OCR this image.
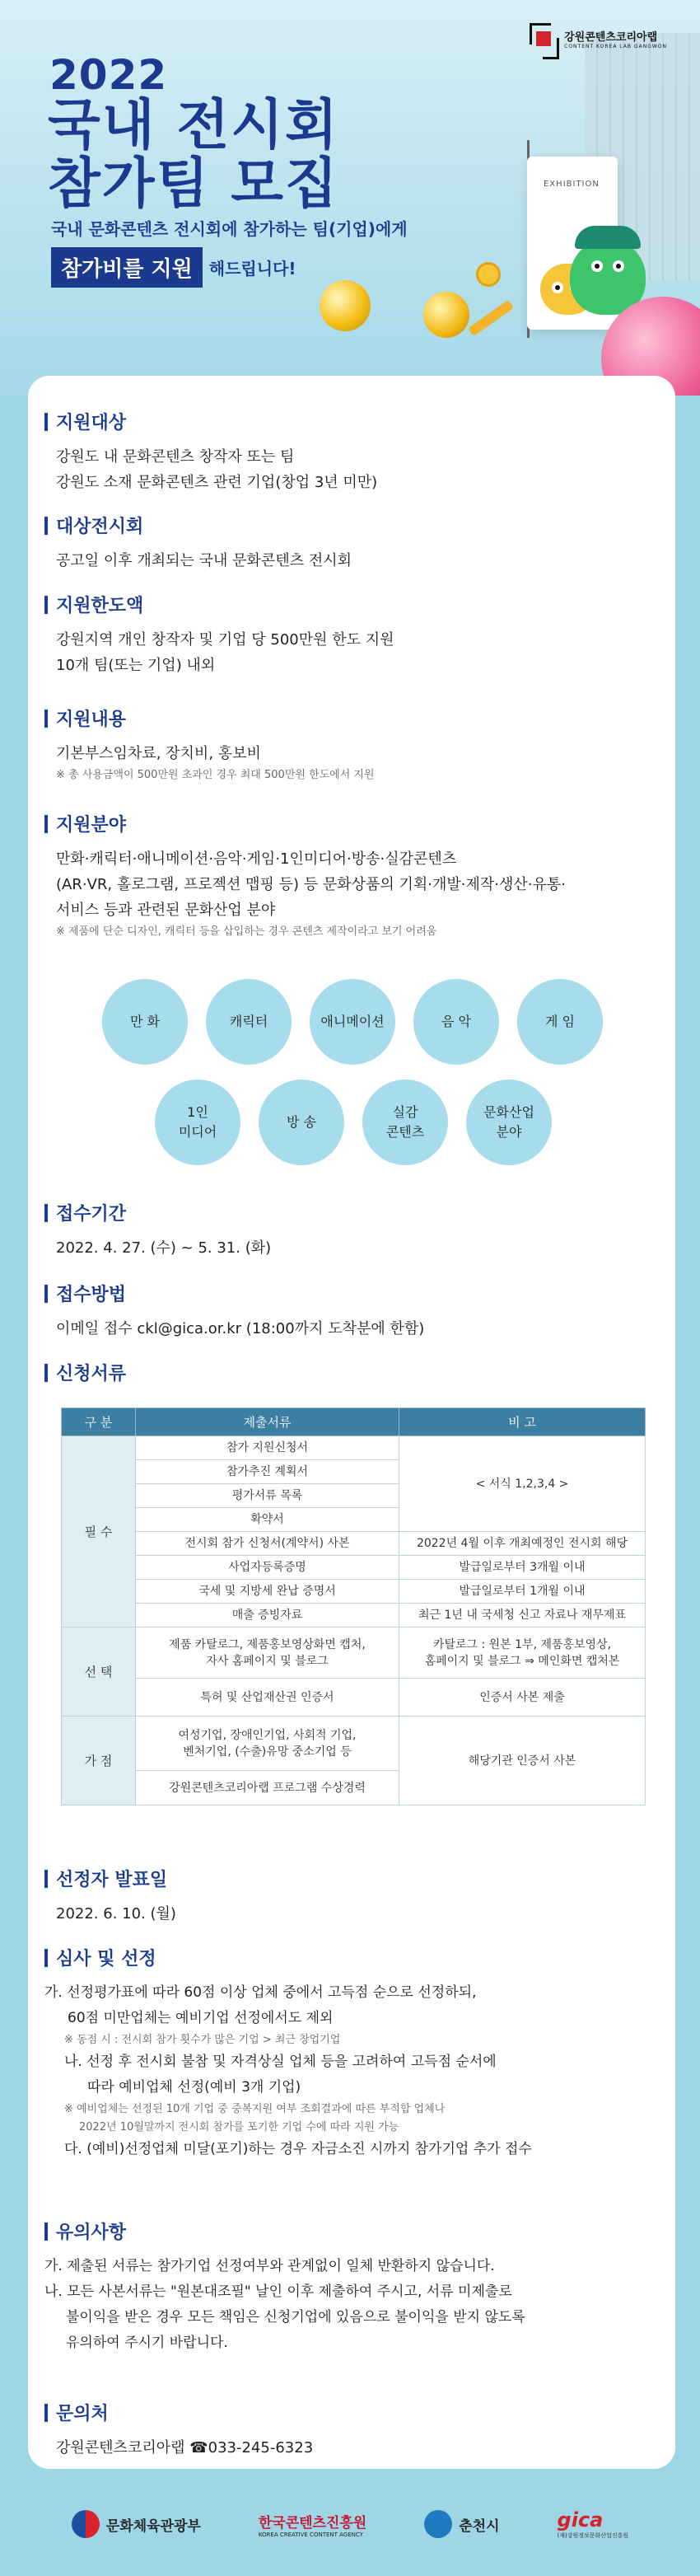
강원콘텐츠코리아랩
CONTENT KOREA LAB GANGWON
2022
국내 전시회
참가팀 모집
국내 문화콘텐츠 전시회에 참가하는 팀(기업)에게
참가비를 지원	해드립니다!
EXHIBITION
지원대상
강원도 내 문화콘텐츠 창작자 또는 팀
강원도 소재 문화콘텐츠 관련 기업(창업 3년 미만)
대상전시회
공고일 이후 개최되는 국내 문화콘텐츠 전시회
지원한도액
강원지역 개인 창작자 및 기업 당 500만원 한도 지원
10개 팀(또는 기업) 내외
지원내용
기본부스임차료, 장치비, 홍보비
※ 총 사용금액이 500만원 초과인 경우 최대 500만원 한도에서 지원
지원분야
만화·캐릭터·애니메이션·음악·게임·1인미디어·방송·실감콘텐츠
(AR·VR, 홀로그램, 프로젝션 맵핑 등) 등 문화상품의 기획·개발·제작·생산·유통·
서비스 등과 관련된 문화산업 분야
※ 제품에 단순 디자인, 캐릭터 등을 삽입하는 경우 콘텐츠 제작이라고 보기 어려움
만 화	캐릭터	애니메이션	음 악	게 임
1인
미디어
방 송
실감
콘텐츠
문화산업
분야
접수기간
2022. 4. 27. (수) ~ 5. 31. (화)
접수방법
이메일 접수 ckl@gica.or.kr (18:00까지 도착분에 한함)
신청서류
구 분	제출서류	비 고
필 수	참가 지원신청서	< 서식 1,2,3,4 >
	참가추진 계획서	
	평가서류 목록	
	확약서	
	전시회 참가 신청서(계약서) 사본	2022년 4월 이후 개최예정인 전시회 해당
	사업자등록증명	발급일로부터 3개월 이내
	국세 및 지방세 완납 증명서	발급일로부터 1개월 이내
	매출 증빙자료	최근 1년 내 국세청 신고 자료나 재무제표
선 택	제품 카탈로그, 제품홍보영상화면 캡처,
자사 홈페이지 및 블로그	카탈로그 : 원본 1부, 제품홍보영상,
홈페이지 및 블로그 ⇒ 메인화면 캡처본
	특허 및 산업재산권 인증서	인증서 사본 제출
가 점	여성기업, 장애인기업, 사회적 기업,
벤처기업, (수출)유망 중소기업 등	해당기관 인증서 사본
	강원콘텐츠코리아랩 프로그램 수상경력	
선정자 발표일
2022. 6. 10. (월)
심사 및 선정
가. 선정평가표에 따라 60점 이상 업체 중에서 고득점 순으로 선정하되,
60점 미만업체는 예비기업 선정에서도 제외
※ 동점 시 : 전시회 참가 횟수가 많은 기업 > 최근 창업기업
나. 선정 후 전시회 불참 및 자격상실 업체 등을 고려하여 고득점 순서에
따라 예비업체 선정(예비 3개 기업)
※ 예비업체는 선정된 10개 기업 중 중복지원 여부 조회결과에 따른 부적합 업체나
2022년 10월말까지 전시회 참가를 포기한 기업 수에 따라 지원 가능
다. (예비)선정업체 미달(포기)하는 경우 자금소진 시까지 참가기업 추가 접수
유의사항
가. 제출된 서류는 참가기업 선정여부와 관계없이 일체 반환하지 않습니다.
나. 모든 사본서류는 "원본대조필" 날인 이후 제출하여 주시고, 서류 미제출로
불이익을 받은 경우 모든 책임은 신청기업에 있음으로 불이익을 받지 않도록
유의하여 주시기 바랍니다.
문의처
강원콘텐츠코리아랩 ☎033-245-6323
문화체육관광부	한국콘텐츠진흥원
KOREA CREATIVE CONTENT AGENCY	춘천시	gica
(재)강원정보문화산업진흥원
